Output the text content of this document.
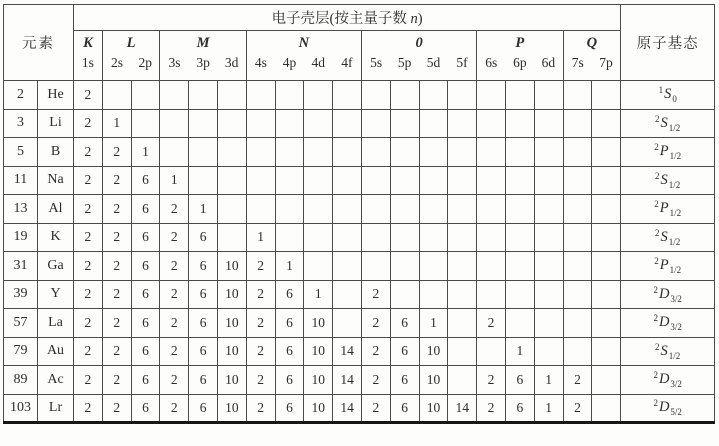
元素		电子壳层(按主量子数 n)																			原子基态
		K	L		M			N				0				P			Q		
		1s	2s	2p	3s	3p	3d	4s	4p	4d	4f	5s	5p	5d	5f	6s	6p	6d	7s	7p	
2	He	2																			$^1S_0$
3	Li	2	1																		$^2S_{1/2}$
5	B	2	2	1																	$^2P_{1/2}$
11	Na	2	2	6	1																$^2S_{1/2}$
13	Al	2	2	6	2	1															$^2P_{1/2}$
19	K	2	2	6	2	6		1													$^2S_{1/2}$
31	Ga	2	2	6	2	6	10	2	1												$^2P_{1/2}$
39	Y	2	2	6	2	6	10	2	6	1		2									$^2D_{3/2}$
57	La	2	2	6	2	6	10	2	6	10		2	6	1		2					$^2D_{3/2}$
79	Au	2	2	6	2	6	10	2	6	10	14	2	6	10			1				$^2S_{1/2}$
89	Ac	2	2	6	2	6	10	2	6	10	14	2	6	10		2	6	1	2		$^2D_{3/2}$
103	Lr	2	2	6	2	6	10	2	6	10	14	2	6	10	14	2	6	1	2		$^2D_{5/2}$
